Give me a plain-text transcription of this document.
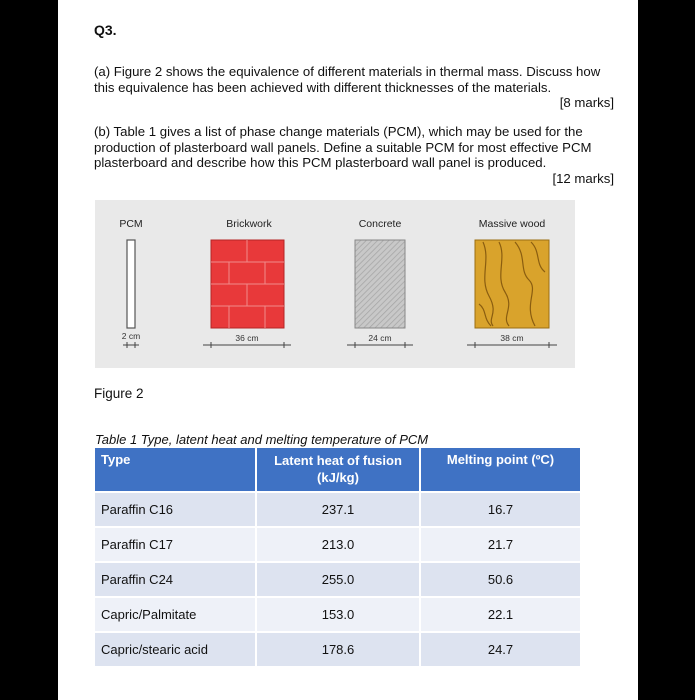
Q3.
(a) Figure 2 shows the equivalence of different materials in thermal mass. Discuss how this equivalence has been achieved with different thicknesses of the materials.
[8 marks]
(b) Table 1 gives a list of phase change materials (PCM), which may be used for the production of plasterboard wall panels. Define a suitable PCM for most effective PCM plasterboard and describe how this PCM plasterboard wall panel is produced.
[12 marks]
PCM	Brickwork	Concrete	Massive wood
2 cm	36 cm	24 cm	38 cm
Figure 2
Table 1 Type, latent heat and melting temperature of PCM
Type	Latent heat of fusion (kJ/kg)	Melting point (ºC)
Paraffin C16	237.1	16.7
Paraffin C17	213.0	21.7
Paraffin C24	255.0	50.6
Capric/Palmitate	153.0	22.1
Capric/stearic acid	178.6	24.7
